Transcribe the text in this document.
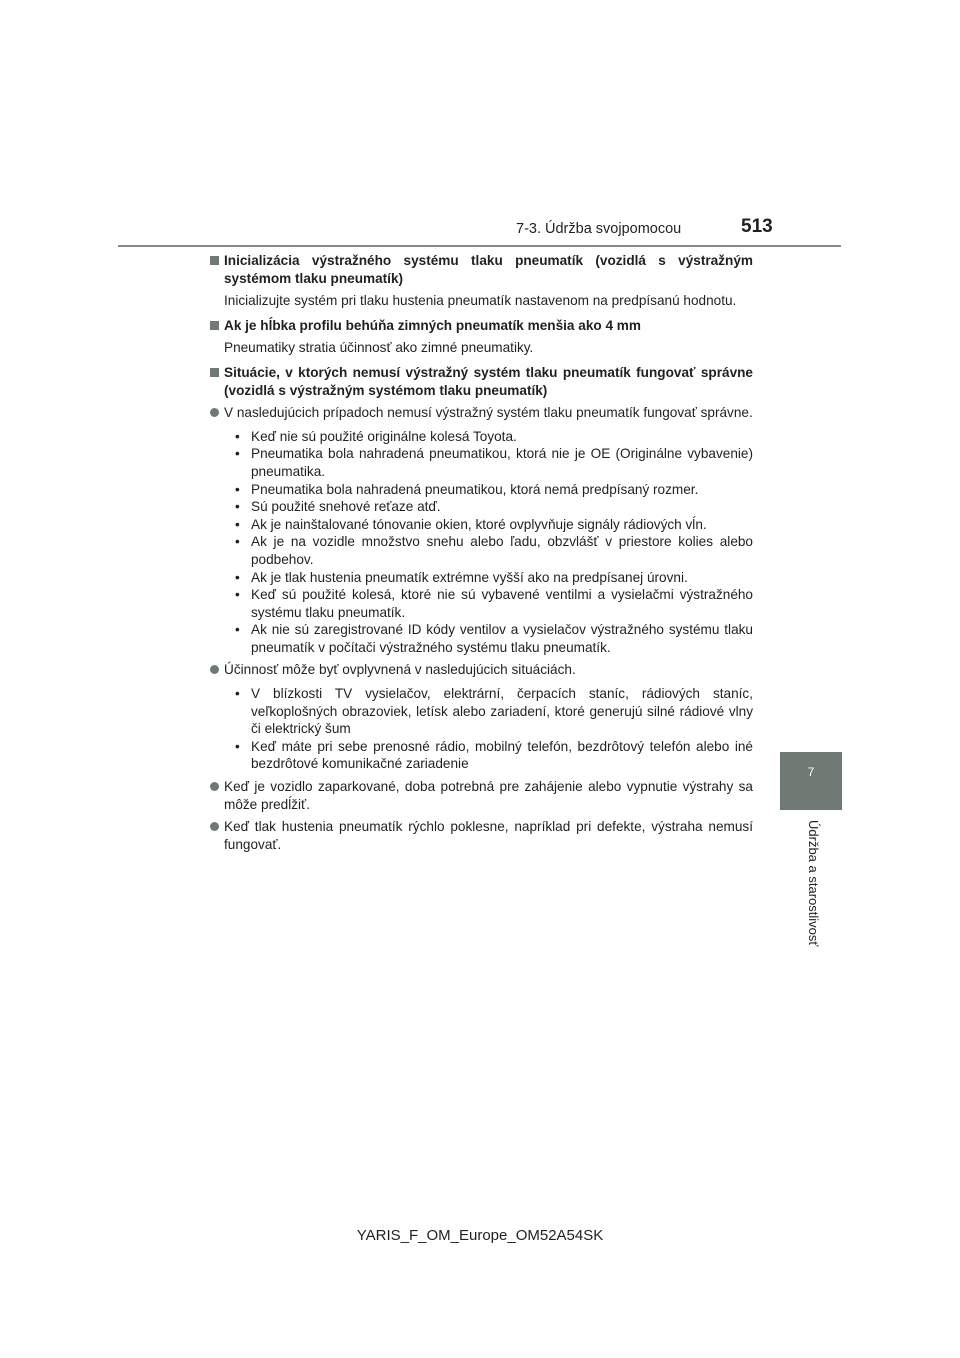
7-3. Údržba svojpomocou	513
7
Údržba a starostlivosť
Inicializácia výstražného systému tlaku pneumatík (vozidlá s výstražným systémom tlaku pneumatík)
Inicializujte systém pri tlaku hustenia pneumatík nastavenom na predpísanú hodnotu.
Ak je hĺbka profilu behúňa zimných pneumatík menšia ako 4 mm
Pneumatiky stratia účinnosť ako zimné pneumatiky.
Situácie, v ktorých nemusí výstražný systém tlaku pneumatík fungovať správne (vozidlá s výstražným systémom tlaku pneumatík)
V nasledujúcich prípadoch nemusí výstražný systém tlaku pneumatík fungovať správne.
• Keď nie sú použité originálne kolesá Toyota.
• Pneumatika bola nahradená pneumatikou, ktorá nie je OE (Originálne vybavenie) pneumatika.
• Pneumatika bola nahradená pneumatikou, ktorá nemá predpísaný rozmer.
• Sú použité snehové reťaze atď.
• Ak je nainštalované tónovanie okien, ktoré ovplyvňuje signály rádiových vĺn.
• Ak je na vozidle množstvo snehu alebo ľadu, obzvlášť v priestore kolies alebo podbehov.
• Ak je tlak hustenia pneumatík extrémne vyšší ako na predpísanej úrovni.
• Keď sú použité kolesá, ktoré nie sú vybavené ventilmi a vysielačmi výstražného systému tlaku pneumatík.
• Ak nie sú zaregistrované ID kódy ventilov a vysielačov výstražného systému tlaku pneumatík v počítači výstražného systému tlaku pneumatík.
Účinnosť môže byť ovplyvnená v nasledujúcich situáciách.
• V blízkosti TV vysielačov, elektrární, čerpacích staníc, rádiových staníc, veľkoplošných obrazoviek, letísk alebo zariadení, ktoré generujú silné rádiové vlny či elektrický šum
• Keď máte pri sebe prenosné rádio, mobilný telefón, bezdrôtový telefón alebo iné bezdrôtové komunikačné zariadenie
Keď je vozidlo zaparkované, doba potrebná pre zahájenie alebo vypnutie výstrahy sa môže predĺžiť.
Keď tlak hustenia pneumatík rýchlo poklesne, napríklad pri defekte, výstraha nemusí fungovať.
YARIS_F_OM_Europe_OM52A54SK
